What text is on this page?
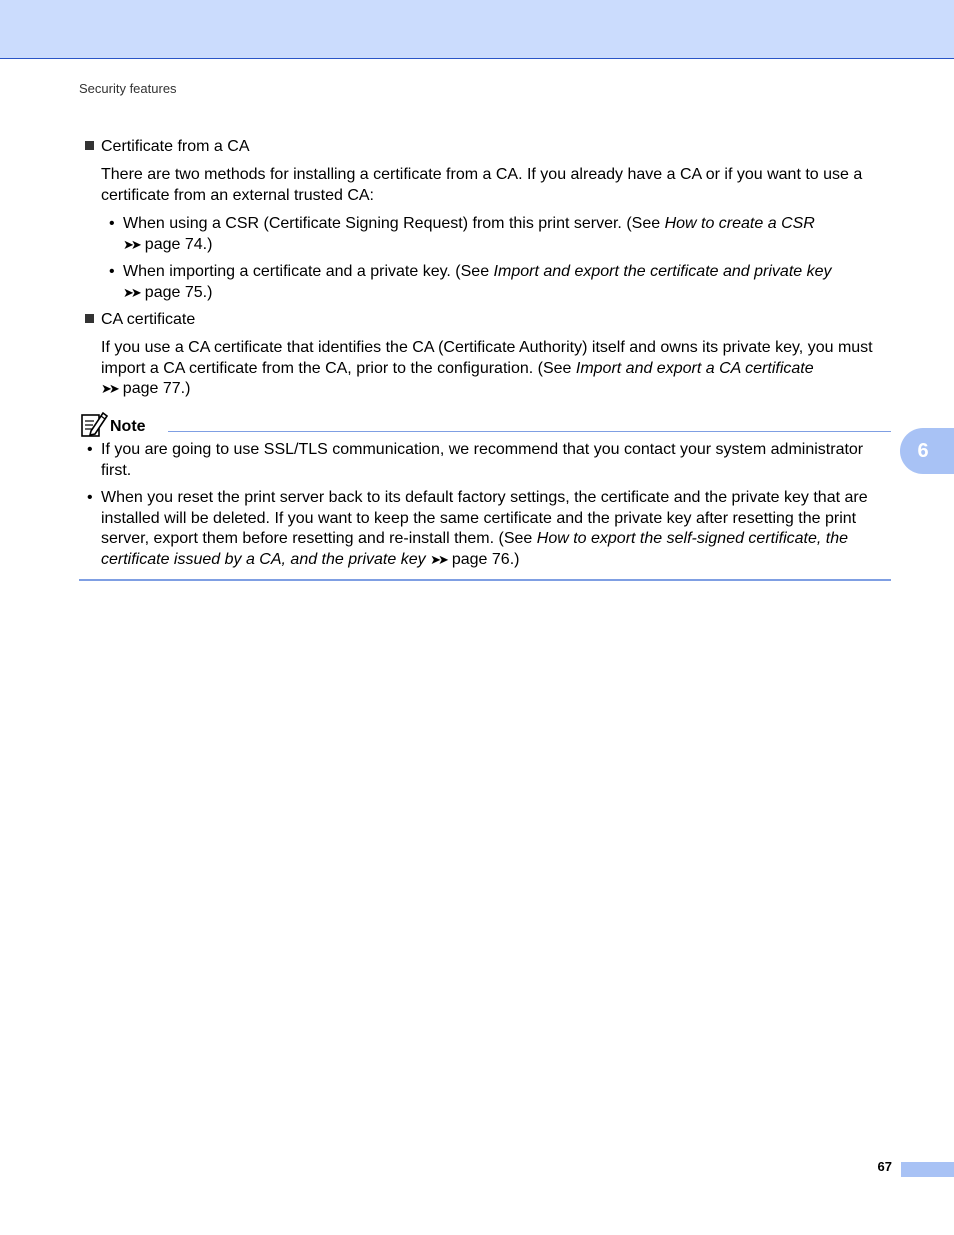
Security features
Certificate from a CA
There are two methods for installing a certificate from a CA. If you already have a CA or if you want to use a certificate from an external trusted CA:
• When using a CSR (Certificate Signing Request) from this print server. (See How to create a CSR
➤➤ page 74.)
• When importing a certificate and a private key. (See Import and export the certificate and private key
➤➤ page 75.)
CA certificate
If you use a CA certificate that identifies the CA (Certificate Authority) itself and owns its private key, you must import a CA certificate from the CA, prior to the configuration. (See Import and export a CA certificate
➤➤ page 77.)
Note
• If you are going to use SSL/TLS communication, we recommend that you contact your system administrator first.
• When you reset the print server back to its default factory settings, the certificate and the private key that are installed will be deleted. If you want to keep the same certificate and the private key after resetting the print server, export them before resetting and re-install them. (See How to export the self-signed certificate, the certificate issued by a CA, and the private key ➤➤ page 76.)
6
67
